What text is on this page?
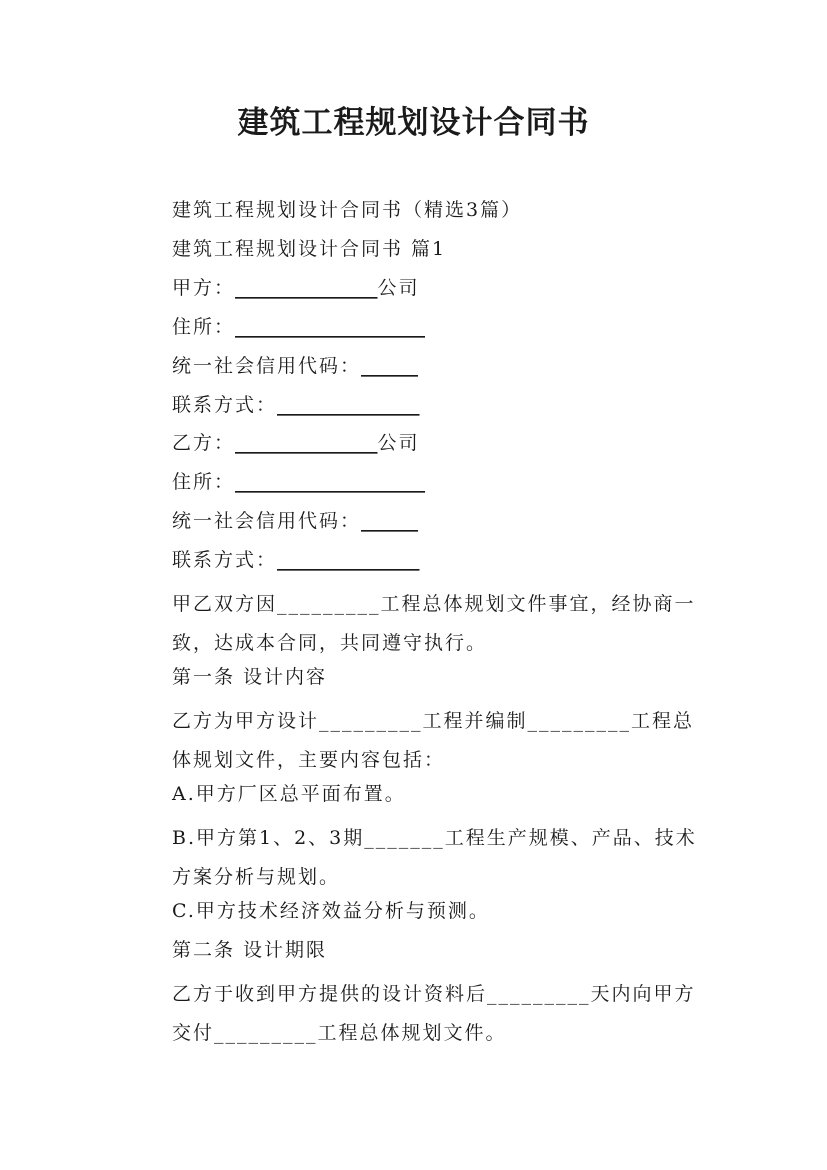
建筑工程规划设计合同书
建筑工程规划设计合同书（精选3篇）
建筑工程规划设计合同书 篇1
甲方：_______________公司
住所：____________________
统一社会信用代码：______
联系方式：_______________
乙方：_______________公司
住所：____________________
统一社会信用代码：______
联系方式：_______________
甲乙双方因_________工程总体规划文件事宜，经协商一致，达成本合同，共同遵守执行。
第一条 设计内容
乙方为甲方设计_________工程并编制_________工程总体规划文件，主要内容包括：
A.甲方厂区总平面布置。
B.甲方第1、2、3期_______工程生产规模、产品、技术方案分析与规划。
C.甲方技术经济效益分析与预测。
第二条 设计期限
乙方于收到甲方提供的设计资料后_________天内向甲方交付_________工程总体规划文件。
